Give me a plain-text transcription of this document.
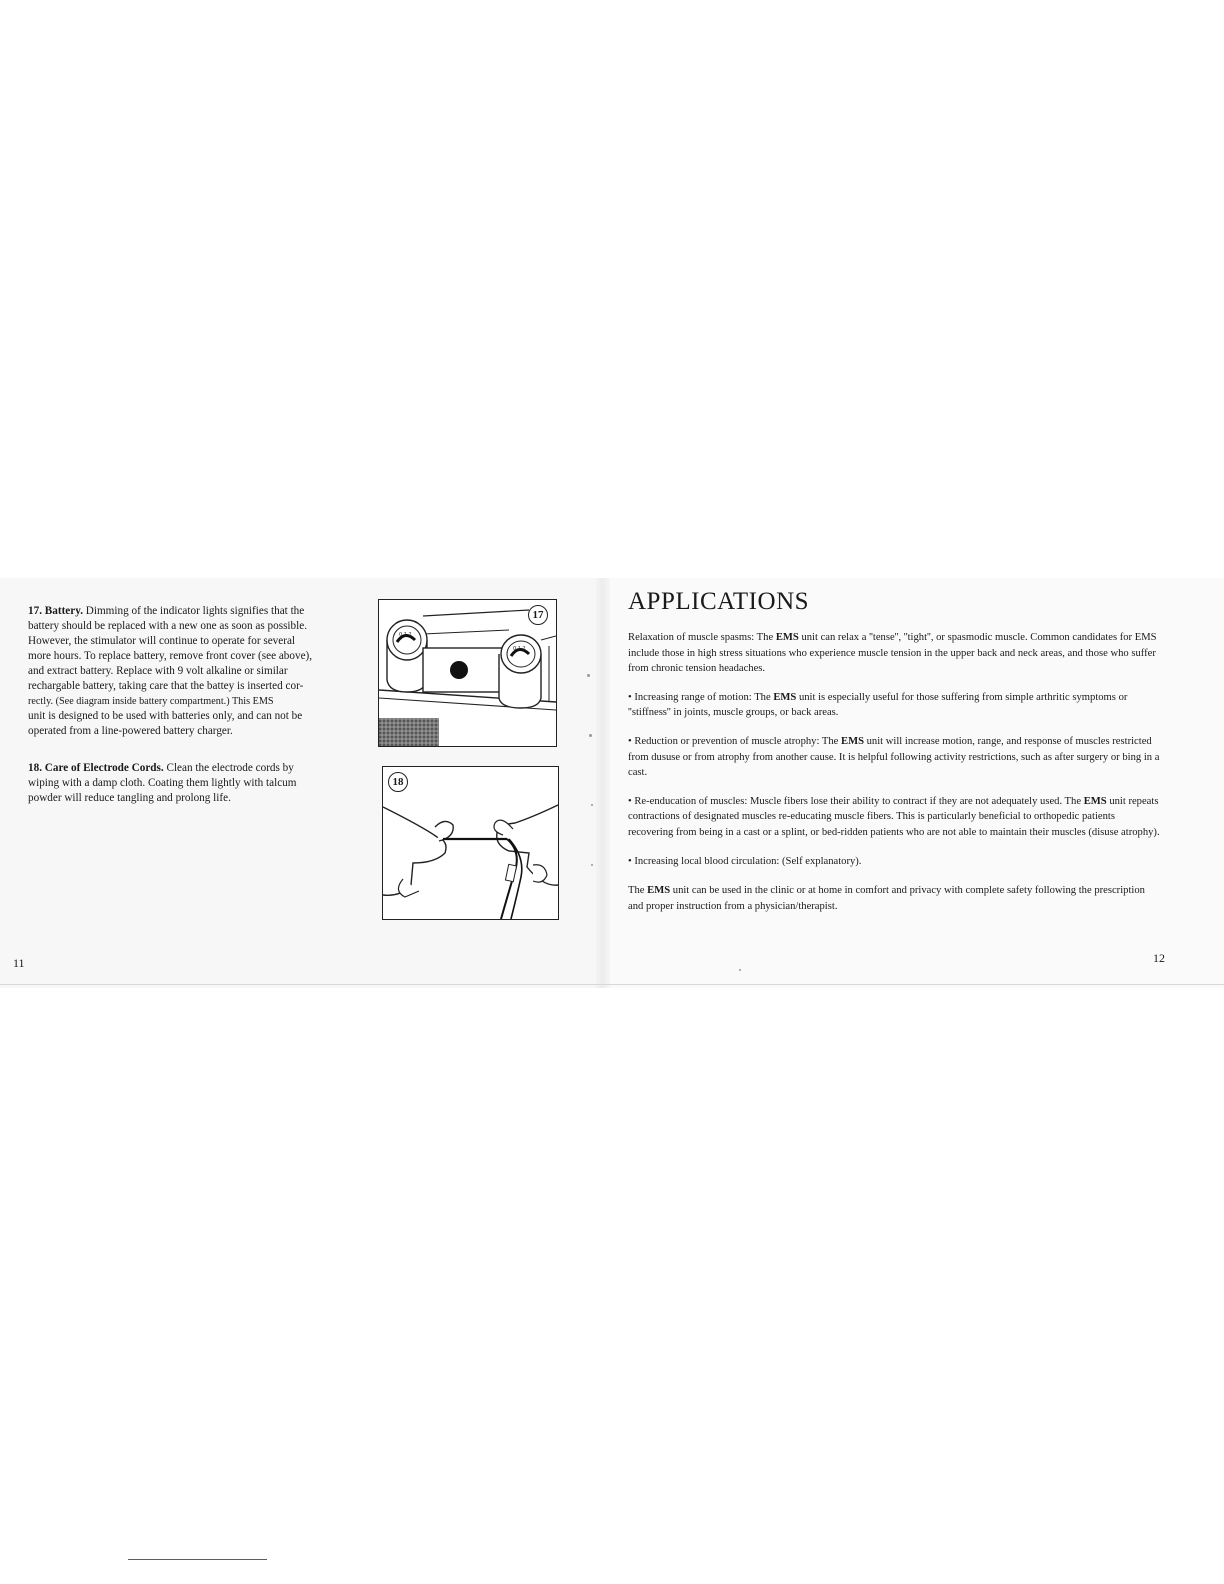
17. Battery. Dimming of the indicator lights signifies that the

battery should be replaced with a new one as soon as possible.

However, the stimulator will continue to operate for several

more hours. To replace battery, remove front cover (see above),

and extract battery. Replace with 9 volt alkaline or similar

rechargable battery, taking care that the battey is inserted cor-

rectly. (See diagram inside battery compartment.) This EMS

unit is designed to be used with batteries only, and can not be

operated from a line-powered battery charger.

18. Care of Electrode Cords. Clean the electrode cords by

wiping with a damp cloth. Coating them lightly with talcum

powder will reduce tangling and prolong life.

0 1 2
0 1 2
17
18
11
APPLICATIONS

Relaxation of muscle spasms: The EMS unit can relax a ''tense'', ''tight'', or spasmodic muscle. Common candidates for EMS include those in high stress situations who experience muscle tension in the upper back and neck areas, and those who suffer from chronic tension headaches.

• Increasing range of motion: The EMS unit is especially useful for those suffering from simple arthritic symptoms or ''stiffness'' in joints, muscle groups, or back areas.

• Reduction or prevention of muscle atrophy: The EMS unit will increase motion, range, and response of muscles restricted from dususe or from atrophy from another cause. It is helpful following activity restrictions, such as after surgery or bing in a cast.

• Re-enducation of muscles: Muscle fibers lose their ability to contract if they are not adequately used. The EMS unit repeats contractions of designated muscles re-educating muscle fibers. This is particularly beneficial to orthopedic patients recovering from being in a cast or a splint, or bed-ridden patients who are not able to maintain their muscles (disuse atrophy).

• Increasing local blood circulation: (Self explanatory).

The EMS unit can be used in the clinic or at home in comfort and privacy with complete safety following the prescription and proper instruction from a physician/therapist.

12
